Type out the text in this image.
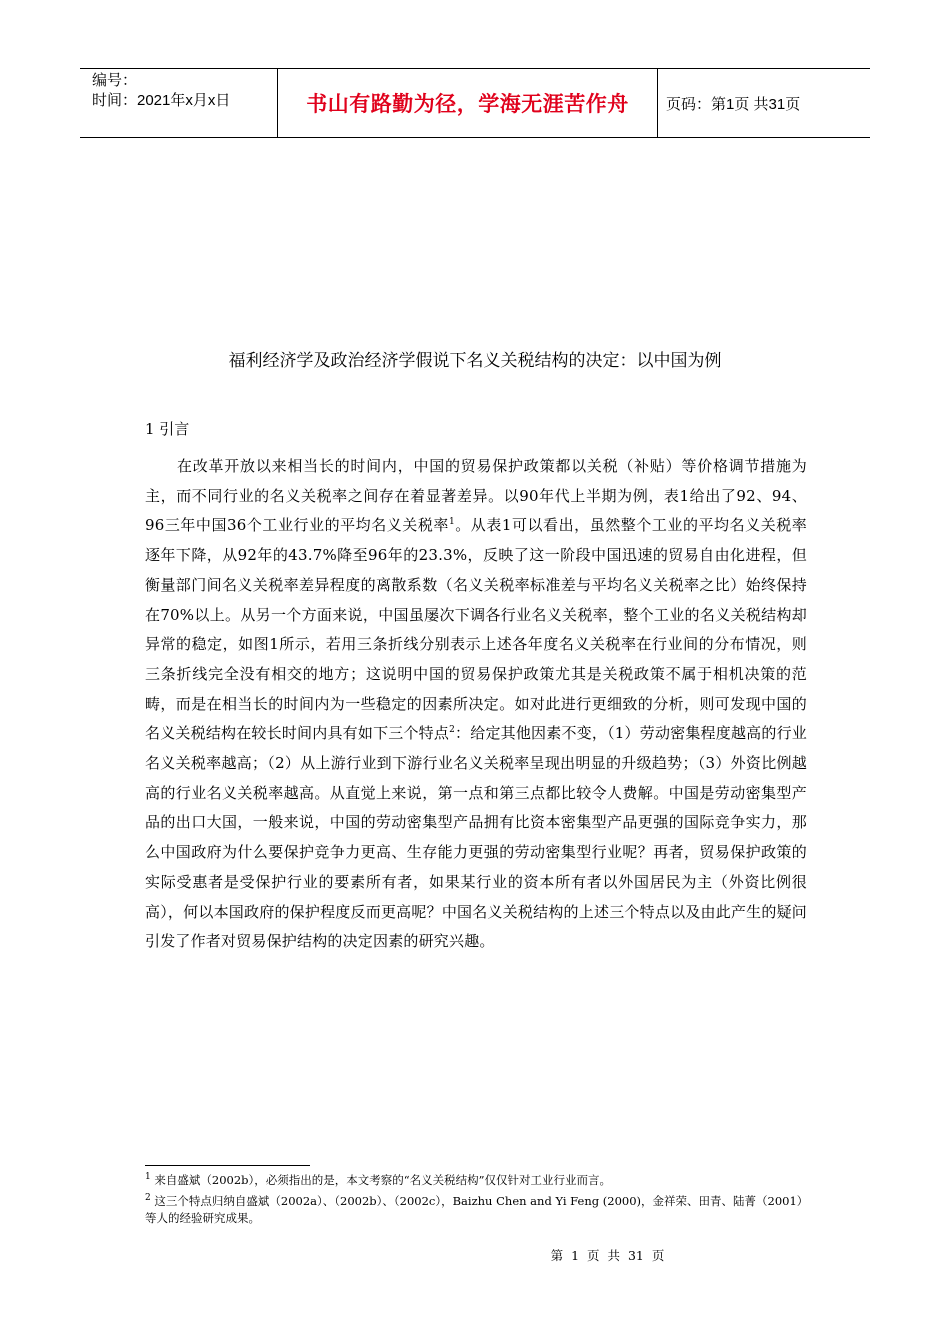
编号：
时间：2021年x月x日	书山有路勤为径，学海无涯苦作舟	页码：第1页 共31页
福利经济学及政治经济学假说下名义关税结构的决定：以中国为例
1 引言

在改革开放以来相当长的时间内，中国的贸易保护政策都以关税（补贴）等价格调节措施为主，而不同行业的名义关税率之间存在着显著差异。以90年代上半期为例，表1给出了92、94、96三年中国36个工业行业的平均名义关税率$^1$。从表1可以看出，虽然整个工业的平均名义关税率逐年下降，从92年的43.7%降至96年的23.3%，反映了这一阶段中国迅速的贸易自由化进程，但衡量部门间名义关税率差异程度的离散系数（名义关税率标准差与平均名义关税率之比）始终保持在70%以上。从另一个方面来说，中国虽屡次下调各行业名义关税率，整个工业的名义关税结构却异常的稳定，如图1所示，若用三条折线分别表示上述各年度名义关税率在行业间的分布情况，则三条折线完全没有相交的地方；这说明中国的贸易保护政策尤其是关税政策不属于相机决策的范畴，而是在相当长的时间内为一些稳定的因素所决定。如对此进行更细致的分析，则可发现中国的名义关税结构在较长时间内具有如下三个特点$^2$：给定其他因素不变，（1）劳动密集程度越高的行业名义关税率越高；（2）从上游行业到下游行业名义关税率呈现出明显的升级趋势；（3）外资比例越高的行业名义关税率越高。从直觉上来说，第一点和第三点都比较令人费解。中国是劳动密集型产品的出口大国，一般来说，中国的劳动密集型产品拥有比资本密集型产品更强的国际竞争实力，那么中国政府为什么要保护竞争力更高、生存能力更强的劳动密集型行业呢？再者，贸易保护政策的实际受惠者是受保护行业的要素所有者，如果某行业的资本所有者以外国居民为主（外资比例很高），何以本国政府的保护程度反而更高呢？中国名义关税结构的上述三个特点以及由此产生的疑问引发了作者对贸易保护结构的决定因素的研究兴趣。

$^1$ 来自盛斌（2002b），必须指出的是，本文考察的“名义关税结构”仅仅针对工业行业而言。

$^2$ 这三个特点归纳自盛斌（2002a）、（2002b）、（2002c），Baizhu Chen and Yi Feng (2000)，金祥荣、田青、陆菁（2001）等人的经验研究成果。

第 1 页 共 31 页
